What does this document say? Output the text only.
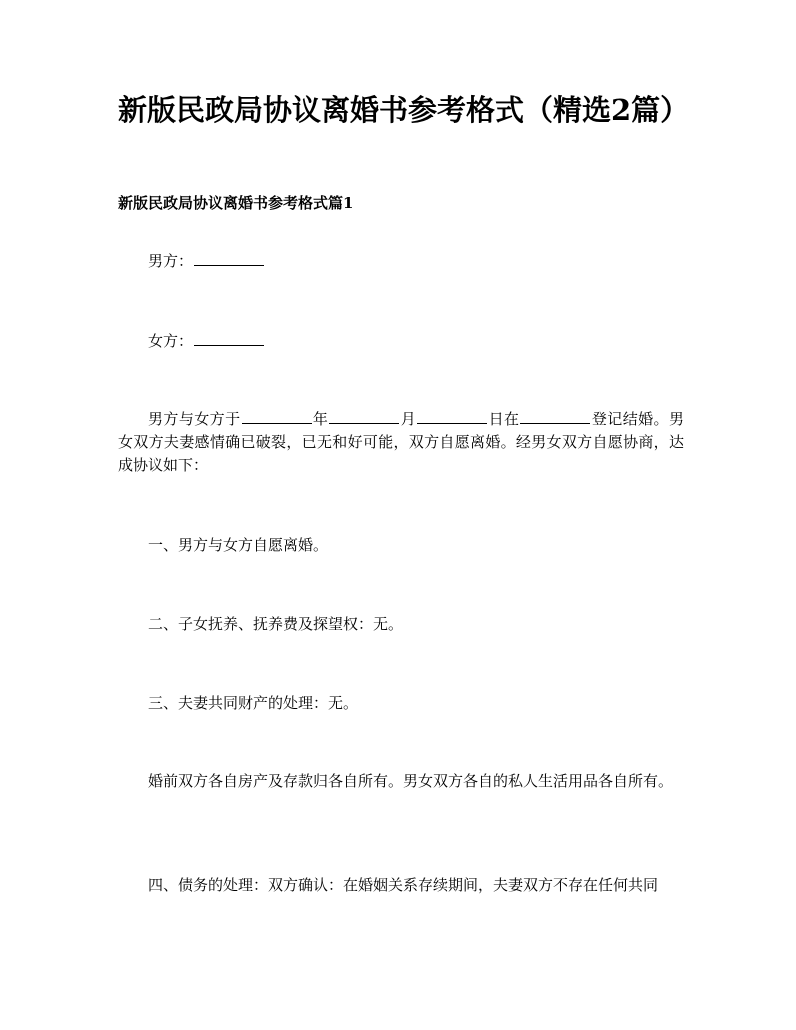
新版民政局协议离婚书参考格式（精选2篇）
新版民政局协议离婚书参考格式篇1

男方：

女方：

男方与女方于	年	月	日在	登记结婚。男女双方夫妻感情确已破裂，已无和好可能，双方自愿离婚。经男女双方自愿协商，达成协议如下：

一、男方与女方自愿离婚。

二、子女抚养、抚养费及探望权：无。

三、夫妻共同财产的处理：无。

婚前双方各自房产及存款归各自所有。男女双方各自的私人生活用品各自所有。

四、债务的处理：双方确认：在婚姻关系存续期间，夫妻双方不存在任何共同
